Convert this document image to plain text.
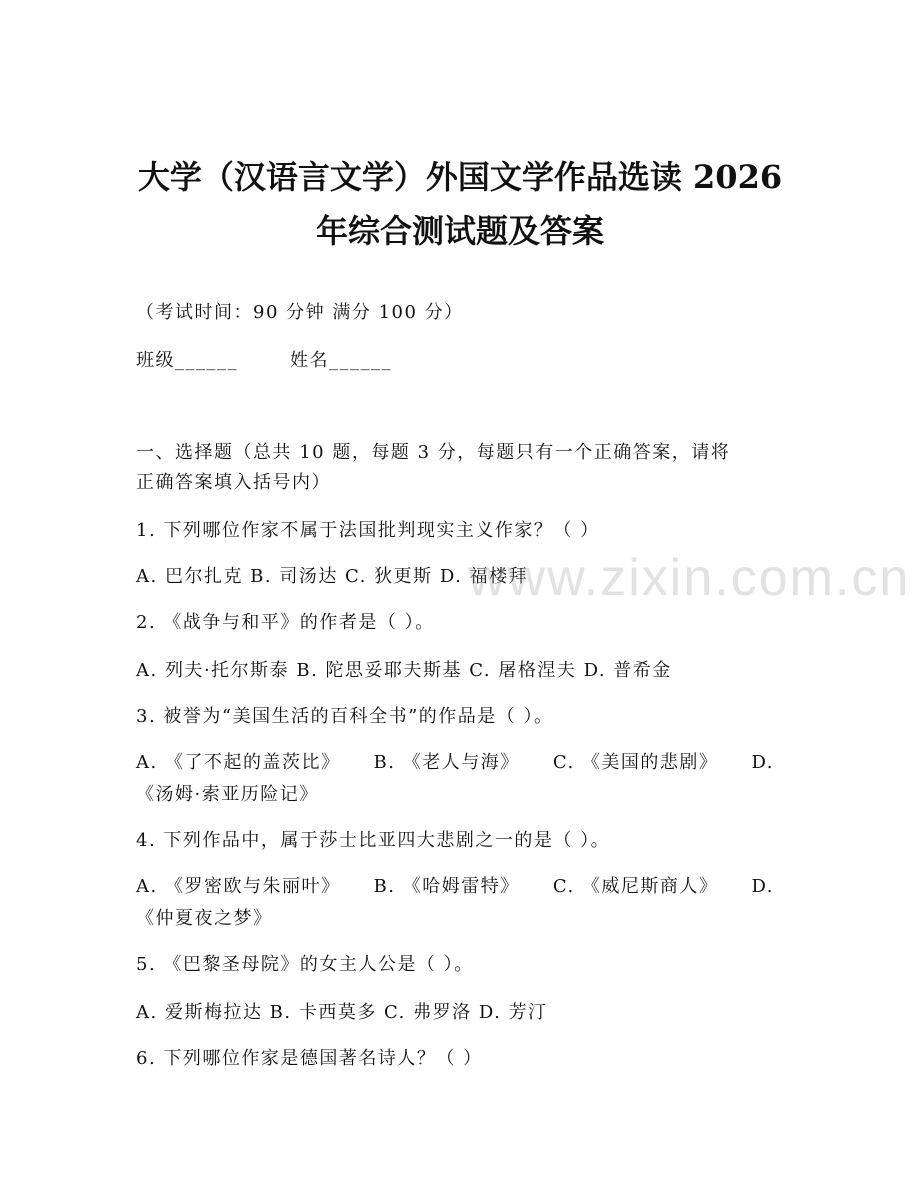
大学（汉语言文学）外国文学作品选读 2026
年综合测试题及答案
（考试时间：90 分钟 满分 100 分）
班级______	姓名______
一、选择题（总共 10 题，每题 3 分，每题只有一个正确答案，请将
正确答案填入括号内）
1. 下列哪位作家不属于法国批判现实主义作家？（ ）
A. 巴尔扎克 B. 司汤达 C. 狄更斯 D. 福楼拜
2. 《战争与和平》的作者是（ ）。
A. 列夫·托尔斯泰 B. 陀思妥耶夫斯基 C. 屠格涅夫 D. 普希金
3. 被誉为“美国生活的百科全书”的作品是（ ）。
A. 《了不起的盖茨比》 B. 《老人与海》 C. 《美国的悲剧》 D.
《汤姆·索亚历险记》
4. 下列作品中，属于莎士比亚四大悲剧之一的是（ ）。
A. 《罗密欧与朱丽叶》 B. 《哈姆雷特》 C. 《威尼斯商人》 D.
《仲夏夜之梦》
5. 《巴黎圣母院》的女主人公是（ ）。
A. 爱斯梅拉达 B. 卡西莫多 C. 弗罗洛 D. 芳汀
6. 下列哪位作家是德国著名诗人？（ ）
www.zixin.com.cn
